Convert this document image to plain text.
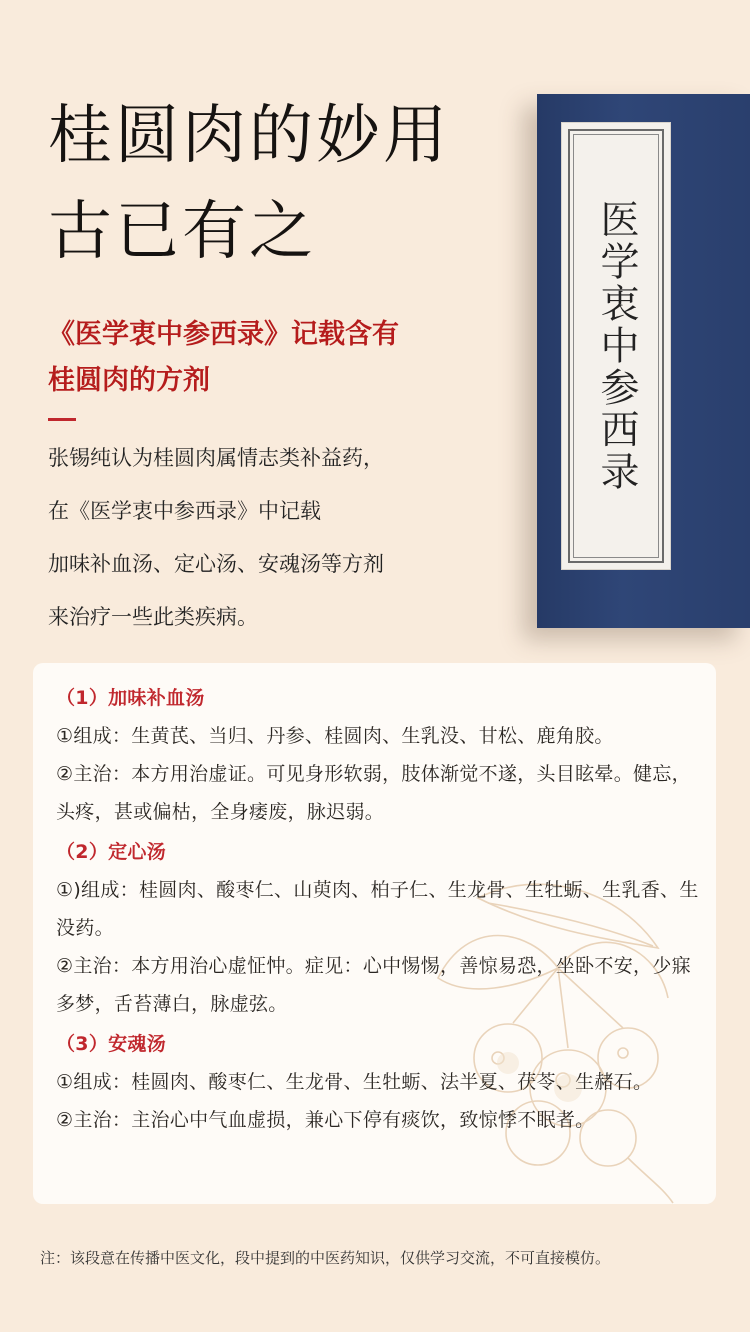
桂圆肉的妙用
古已有之	医学衷中参西录
《医学衷中参西录》记载含有
桂圆肉的方剂
张锡纯认为桂圆肉属情志类补益药，
在《医学衷中参西录》中记载
加味补血汤、定心汤、安魂汤等方剂
来治疗一些此类疾病。

（1）加味补血汤

①组成：生黄芪、当归、丹参、桂圆肉、生乳没、甘松、鹿角胶。

②主治：本方用治虚证。可见身形软弱，肢体渐觉不遂，头目眩晕。健忘，头疼，甚或偏枯，全身痿废，脉迟弱。

（2）定心汤

①)组成：桂圆肉、酸枣仁、山萸肉、柏子仁、生龙骨、生牡蛎、生乳香、生没药。

②主治：本方用治心虚怔忡。症见：心中惕惕，善惊易恐，坐卧不安，少寐多梦，舌苔薄白，脉虚弦。

（3）安魂汤

①组成：桂圆肉、酸枣仁、生龙骨、生牡蛎、法半夏、茯苓、生赭石。

②主治：主治心中气血虚损，兼心下停有痰饮，致惊悸不眠者。

注：该段意在传播中医文化，段中提到的中医药知识，仅供学习交流，不可直接模仿。
